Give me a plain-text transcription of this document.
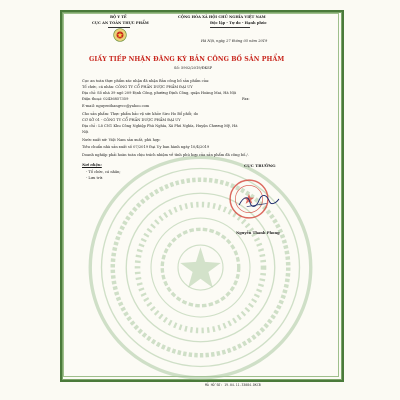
BỘ Y TẾ
CỤC AN TOÀN THỰC PHẨM
CỘNG HÒA XÃ HỘI CHỦ NGHĨA VIỆT NAM
Độc lập - Tự do - Hạnh phúc
Hà Nội, ngày 27 tháng 05 năm 2019
GIẤY TIẾP NHẬN ĐĂNG KÝ BẢN CÔNG BỐ SẢN PHẨM
Số: 5902/2019/ĐKSP
Cục an toàn thực phẩm xác nhận đã nhận Bản công bố sản phẩm của:
Tổ chức, cá nhân: CÔNG TY CỔ PHẦN DƯỢC PHẨM ĐẠI UY
Địa chỉ: Số nhà 39 ngõ 209 Định Công, phường Định Công, quận Hoàng Mai, Hà Nội
Điện thoại: 02436857359	Fax:
E-mail: nguyenthangvcc@yahoo.com
Cho sản phẩm: Thực phẩm bảo vệ sức khỏe Siro Ho Bổ phổi; do
CƠ SỞ 01 - CÔNG TY CỔ PHẦN DƯỢC PHẨM ĐẠI UY
Địa chỉ : Lô CN1 Khu Công Nghiệp Phú Nghĩa, Xã Phú Nghĩa, Huyện Chương Mỹ, Hà
Nội
Nước xuất xứ: Việt Nam sản xuất, phù hợp:
Tiêu chuẩn nhà sản xuất số 07/2019 Đại Uy ban hành ngày 10/4/2019
Doanh nghiệp phải hoàn toàn chịu trách nhiệm về tính phù hợp của sản phẩm đã công bố./.
Nơi nhận:
- Tổ chức, cá nhân;
- Lưu trữ.
CỤC TRƯỞNG
Nguyễn Thanh Phong
MÃ HỒ SƠ: 19.04.11.33084.DKCB
